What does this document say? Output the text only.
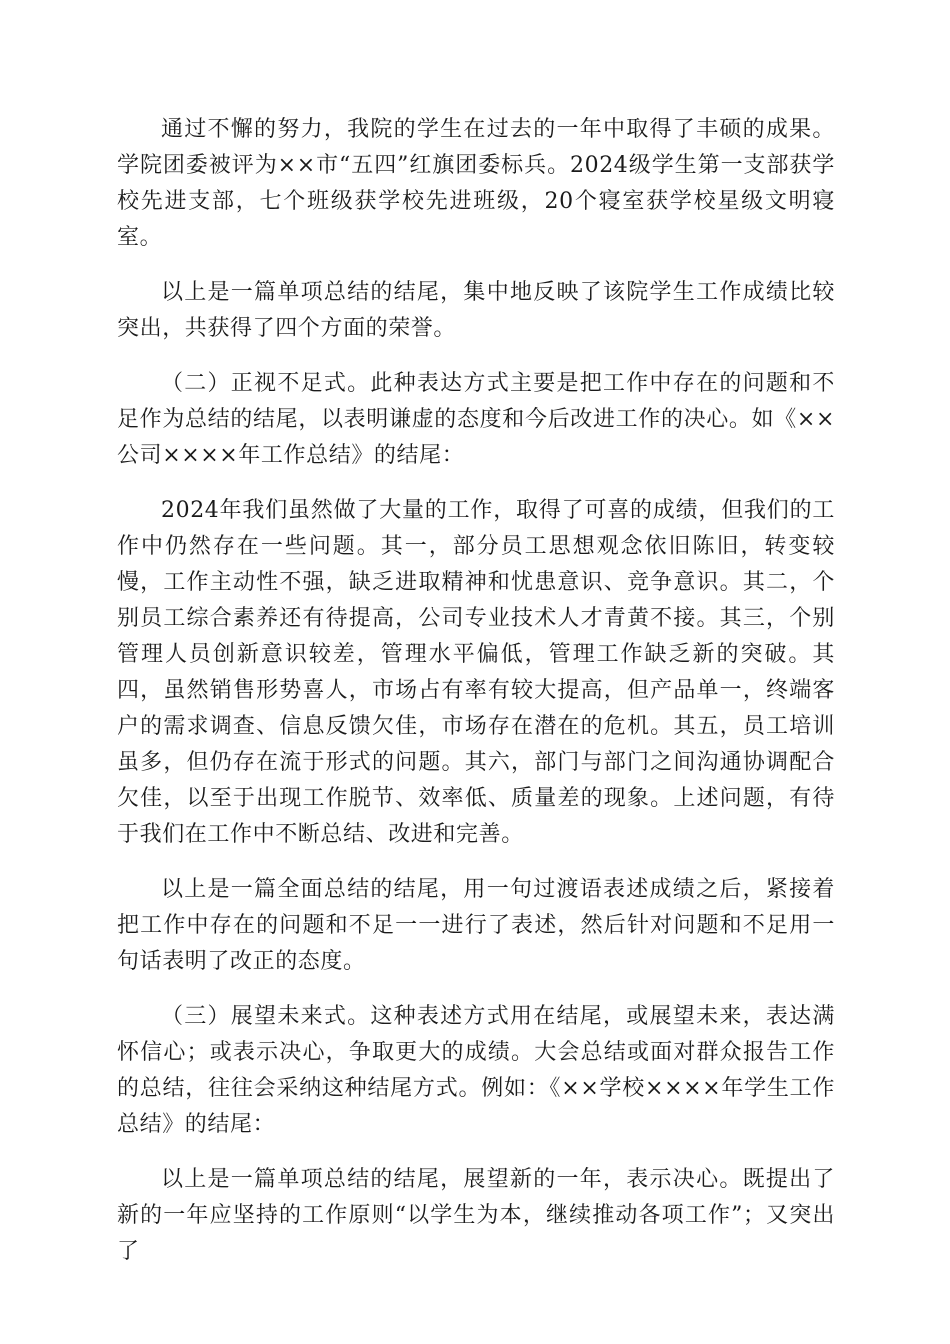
通过不懈的努力，我院的学生在过去的一年中取得了丰硕的成果。学院团委被评为××市“五四”红旗团委标兵。2024级学生第一支部获学校先进支部，七个班级获学校先进班级，20个寝室获学校星级文明寝室。

以上是一篇单项总结的结尾，集中地反映了该院学生工作成绩比较突出，共获得了四个方面的荣誉。

（二）正视不足式。此种表达方式主要是把工作中存在的问题和不足作为总结的结尾，以表明谦虚的态度和今后改进工作的决心。如《××公司××××年工作总结》的结尾：

2024年我们虽然做了大量的工作，取得了可喜的成绩，但我们的工作中仍然存在一些问题。其一，部分员工思想观念依旧陈旧，转变较慢，工作主动性不强，缺乏进取精神和忧患意识、竞争意识。其二，个别员工综合素养还有待提高，公司专业技术人才青黄不接。其三，个别管理人员创新意识较差，管理水平偏低，管理工作缺乏新的突破。其四，虽然销售形势喜人，市场占有率有较大提高，但产品单一，终端客户的需求调查、信息反馈欠佳，市场存在潜在的危机。其五，员工培训虽多，但仍存在流于形式的问题。其六，部门与部门之间沟通协调配合欠佳，以至于出现工作脱节、效率低、质量差的现象。上述问题，有待于我们在工作中不断总结、改进和完善。

以上是一篇全面总结的结尾，用一句过渡语表述成绩之后，紧接着把工作中存在的问题和不足一一进行了表述，然后针对问题和不足用一句话表明了改正的态度。

（三）展望未来式。这种表述方式用在结尾，或展望未来，表达满怀信心；或表示决心，争取更大的成绩。大会总结或面对群众报告工作的总结，往往会采纳这种结尾方式。例如：《××学校××××年学生工作总结》的结尾：

以上是一篇单项总结的结尾，展望新的一年，表示决心。既提出了新的一年应坚持的工作原则“以学生为本，继续推动各项工作”；又突出了
